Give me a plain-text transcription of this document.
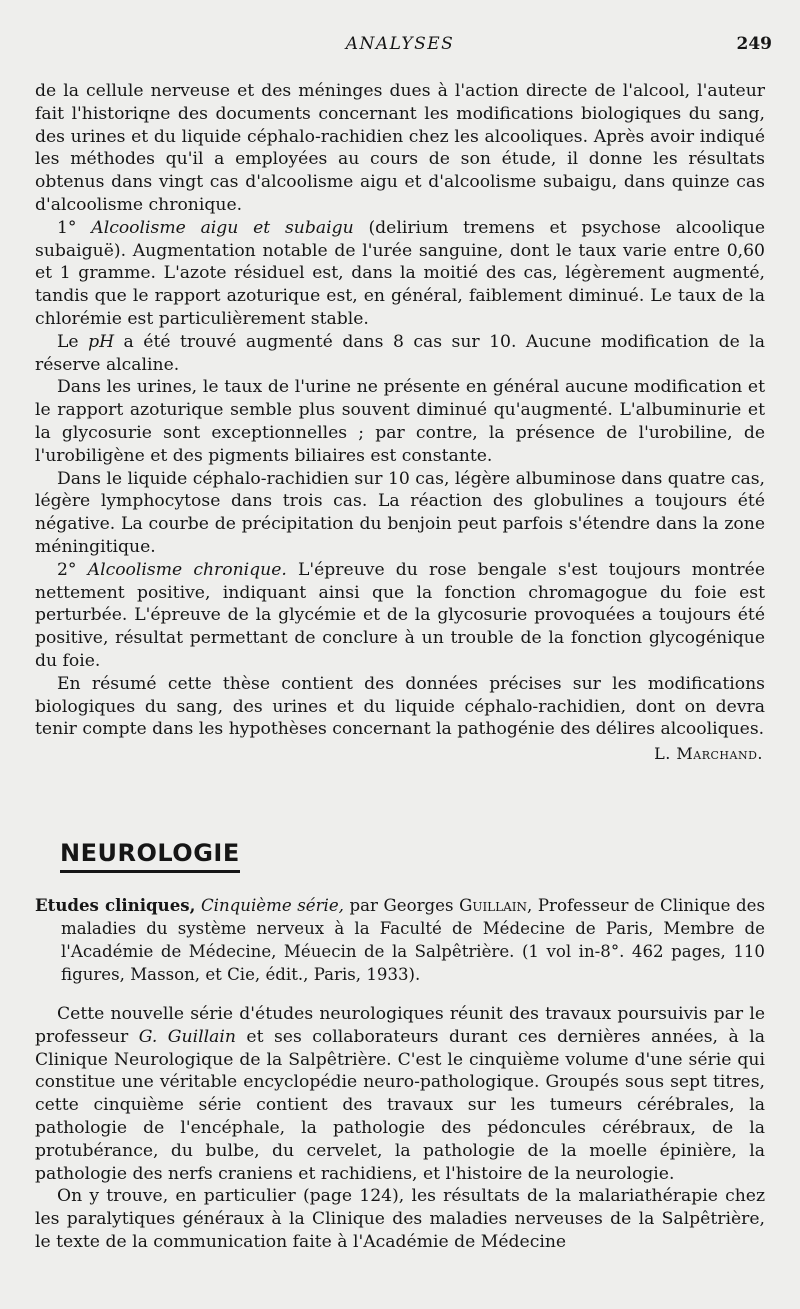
ANALYSES	249

de la cellule nerveuse et des méninges dues à l'action directe de l'alcool, l'auteur fait l'historiqne des documents concernant les modifications biologiques du sang, des urines et du liquide céphalo-rachidien chez les alcooliques. Après avoir indiqué les méthodes qu'il a employées au cours de son étude, il donne les résultats obtenus dans vingt cas d'alcoolisme aigu et d'alcoolisme subaigu, dans quinze cas d'alcoolisme chronique.

1° Alcoolisme aigu et subaigu (delirium tremens et psychose alcoolique subaiguë). Augmentation notable de l'urée sanguine, dont le taux varie entre 0,60 et 1 gramme. L'azote résiduel est, dans la moitié des cas, légèrement augmenté, tandis que le rapport azoturique est, en général, faiblement diminué. Le taux de la chlorémie est particulièrement stable.

Le pH a été trouvé augmenté dans 8 cas sur 10. Aucune modification de la réserve alcaline.

Dans les urines, le taux de l'urine ne présente en général aucune modification et le rapport azoturique semble plus souvent diminué qu'augmenté. L'albuminurie et la glycosurie sont exceptionnelles ; par contre, la présence de l'urobiline, de l'urobiligène et des pigments biliaires est constante.

Dans le liquide céphalo-rachidien sur 10 cas, légère albuminose dans quatre cas, légère lymphocytose dans trois cas. La réaction des globulines a toujours été négative. La courbe de précipitation du benjoin peut parfois s'étendre dans la zone méningitique.

2° Alcoolisme chronique. L'épreuve du rose bengale s'est toujours montrée nettement positive, indiquant ainsi que la fonction chromagogue du foie est perturbée. L'épreuve de la glycémie et de la glycosurie provoquées a toujours été positive, résultat permettant de conclure à un trouble de la fonction glycogénique du foie.

En résumé cette thèse contient des données précises sur les modifications biologiques du sang, des urines et du liquide céphalo-rachidien, dont on devra tenir compte dans les hypothèses concernant la pathogénie des délires alcooliques.

L. Marchand.
NEUROLOGIE

Etudes cliniques, Cinquième série, par Georges Guillain, Professeur de Clinique des maladies du système nerveux à la Faculté de Médecine de Paris, Membre de l'Académie de Médecine, Méuecin de la Salpêtrière. (1 vol in-8°. 462 pages, 110 figures, Masson, et Cie, édit., Paris, 1933).

Cette nouvelle série d'études neurologiques réunit des travaux poursuivis par le professeur G. Guillain et ses collaborateurs durant ces dernières années, à la Clinique Neurologique de la Salpêtrière. C'est le cinquième volume d'une série qui constitue une véritable encyclopédie neuro-pathologique. Groupés sous sept titres, cette cinquième série contient des travaux sur les tumeurs cérébrales, la pathologie de l'encéphale, la pathologie des pédoncules cérébraux, de la protubérance, du bulbe, du cervelet, la pathologie de la moelle épinière, la pathologie des nerfs craniens et rachidiens, et l'histoire de la neurologie.

On y trouve, en particulier (page 124), les résultats de la malariathérapie chez les paralytiques généraux à la Clinique des maladies nerveuses de la Salpêtrière, le texte de la communication faite à l'Académie de Médecine
